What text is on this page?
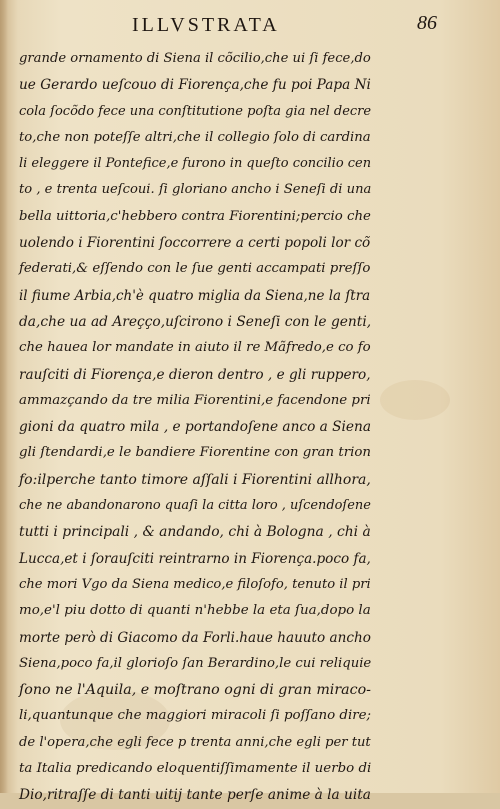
ILLVSTRATA	86
grande ornamento di Siena il cõcilio,che ui ſi fece,do
ue Gerardo ueſcouo di Fiorença,che fu poi Papa Ni
cola ſocõdo fece una conſtitutione poſta gia nel decre
to,che non poteſſe altri,che il collegio ſolo di cardina
li eleggere il Pontefice,e furono in queſto concilio cen
to , e trenta ueſcoui. ſi gloriano ancho i Seneſi di una
bella uittoria,c'hebbero contra Fiorentini;percio che
uolendo i Fiorentini ſoccorrere a certi popoli lor cõ
federati,& eſſendo con le ſue genti accampati preſſo
il fiume Arbia,ch'è quatro miglia da Siena,ne la ſtra
da,che ua ad Areçço,uſcirono i Seneſi con le genti,
che hauea lor mandate in aiuto il re Mãfredo,e co fo
rauſciti di Fiorença,e dieron dentro , e gli ruppero,
ammazçando da tre milia Fiorentini,e facendone pri
gioni da quatro mila , e portandoſene anco a Siena
gli ſtendardi,e le bandiere Fiorentine con gran trion
fo:ilperche tanto timore aſſali i Fiorentini allhora,
che ne abandonarono quaſi la citta loro , uſcendoſene
tutti i principali , & andando, chi à Bologna , chi à
Lucca,et i ſorauſciti reintrarno in Fiorença.poco fa,
che mori Vgo da Siena medico,e filoſofo, tenuto il pri
mo,e'l piu dotto di quanti n'hebbe la eta ſua,dopo la
morte però di Giacomo da Forli.haue hauuto ancho
Siena,poco fa,il glorioſo ſan Berardino,le cui reliquie
ſono ne l'Aquila, e moſtrano ogni di gran miraco-
li,quantunque che maggiori miracoli ſi poſſano dire;
de l'opera,che egli fece p trenta anni,che egli per tut
ta Italia predicando eloquentiſſimamente il uerbo di
Dio,ritraſſe di tanti uitij tante perſe anime à la uita
